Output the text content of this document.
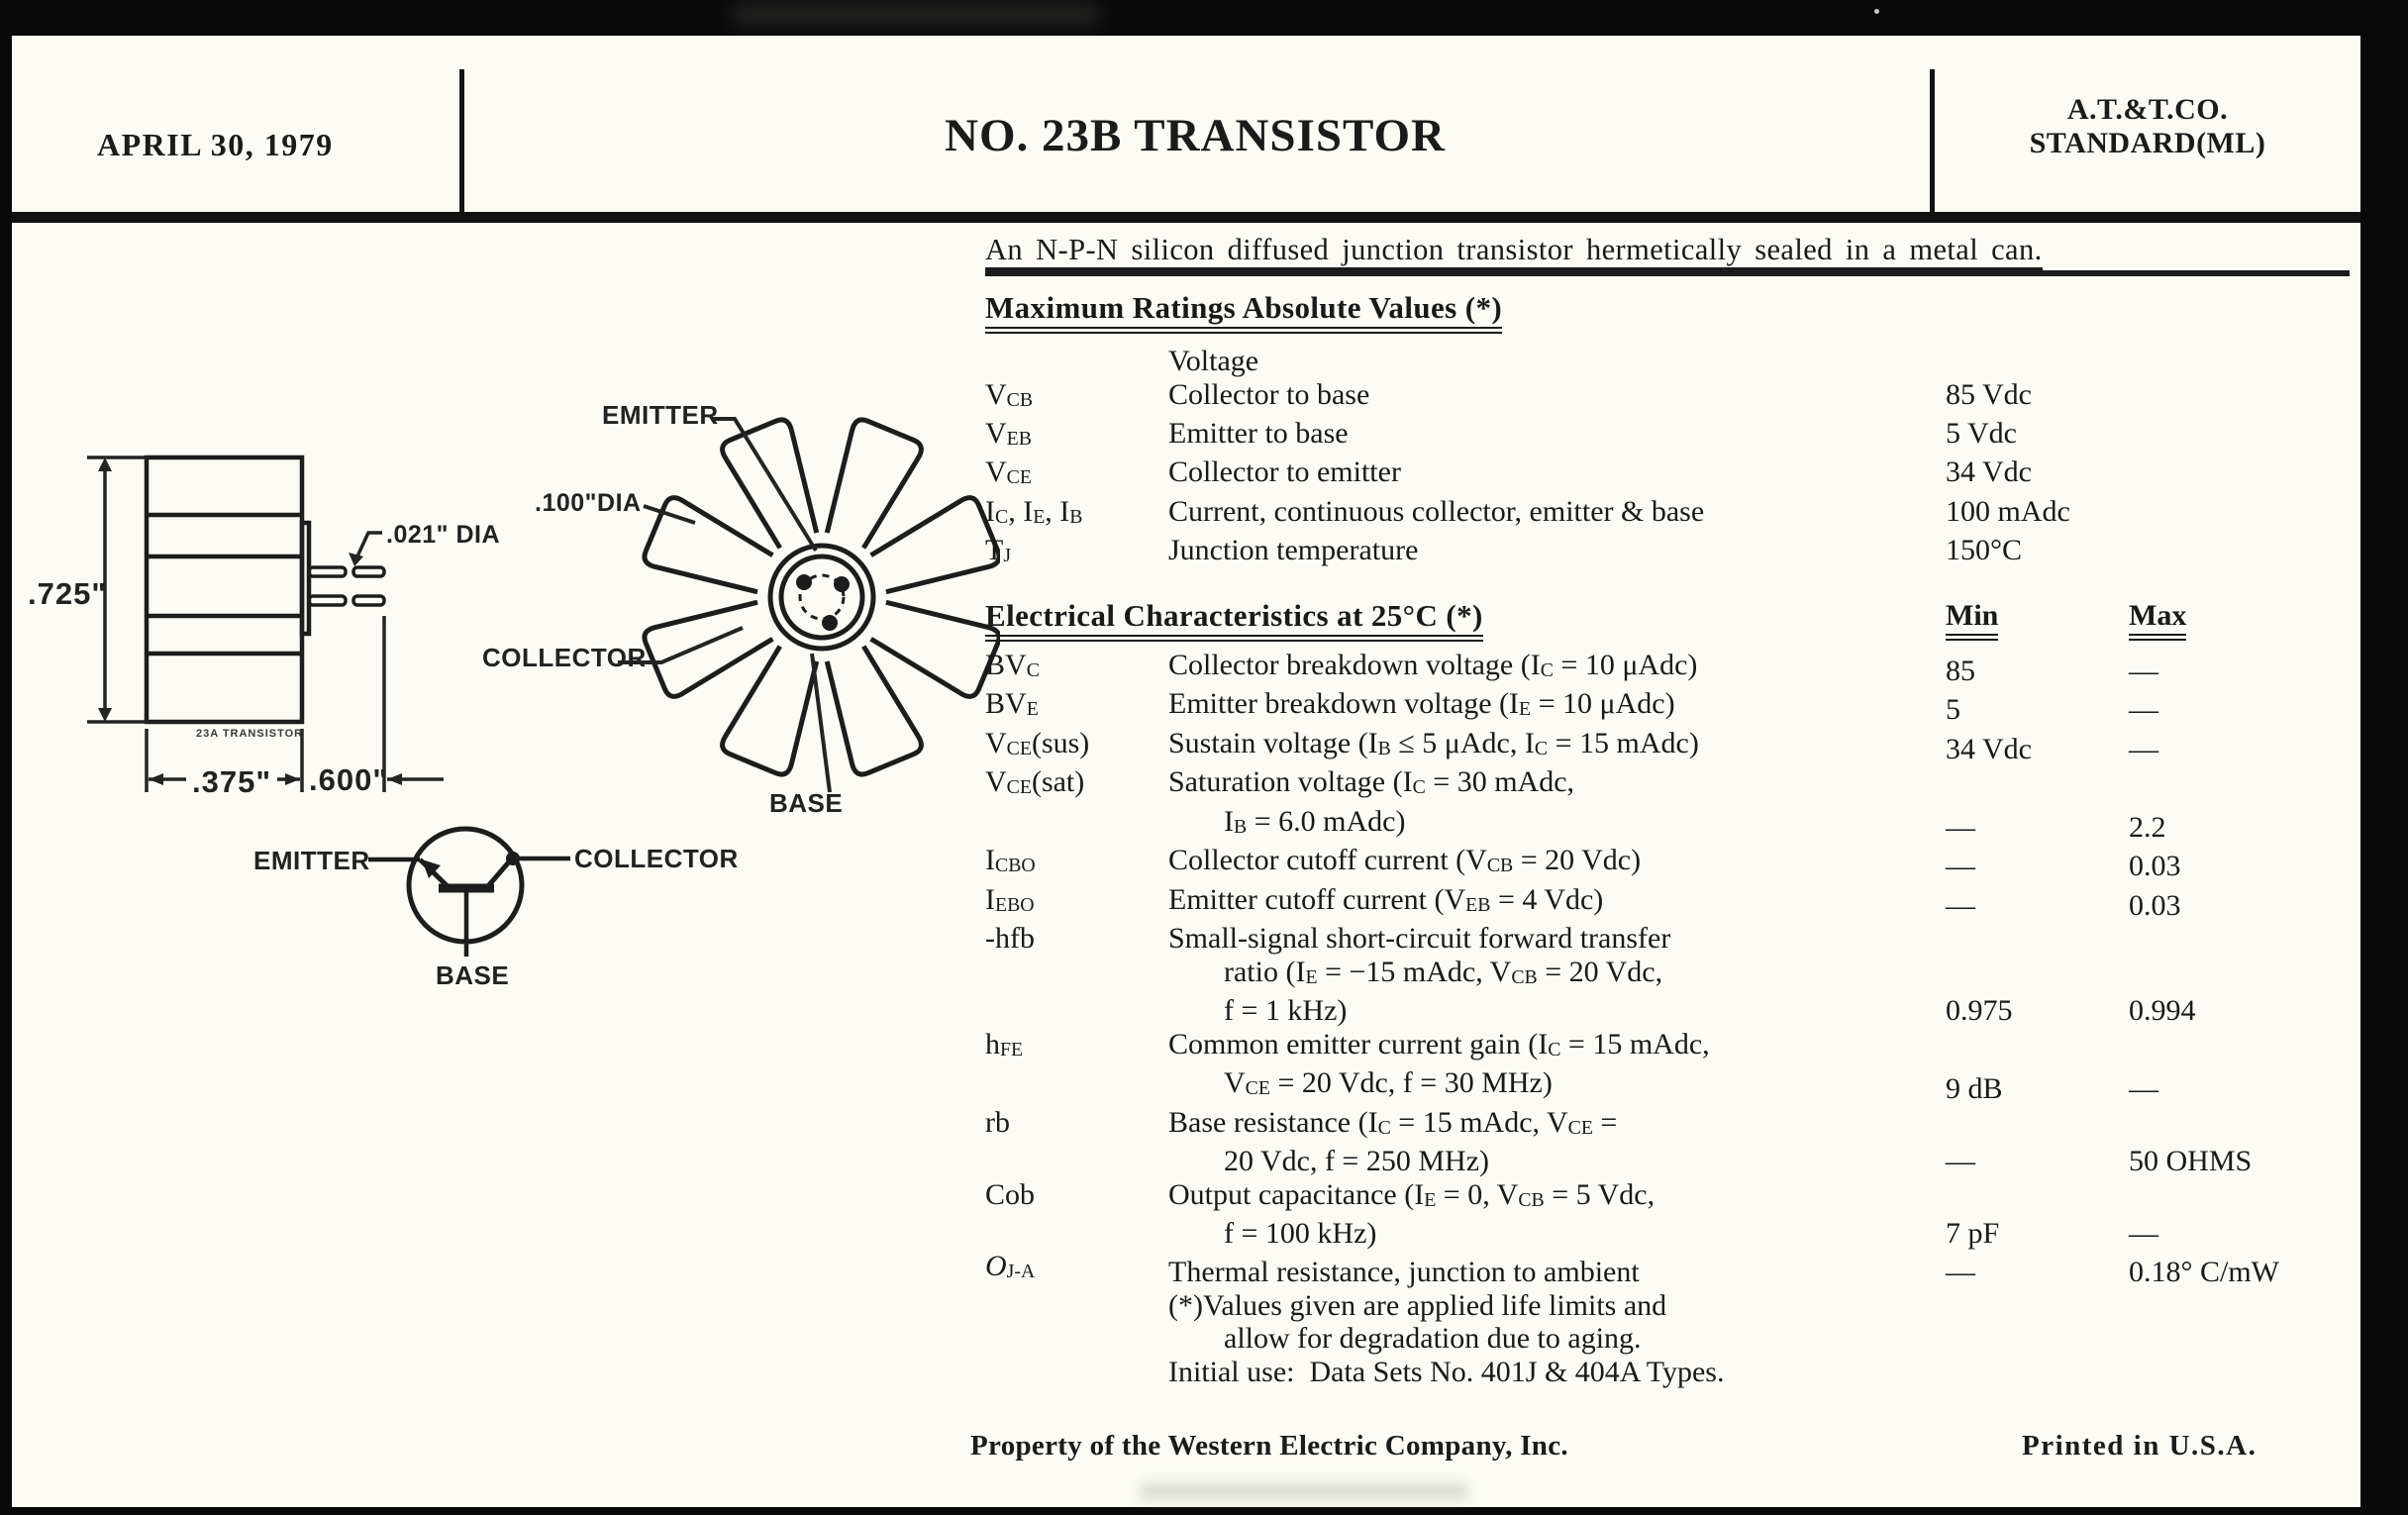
APRIL 30, 1979	NO. 23B TRANSISTOR
A.T.&T.CO.
STANDARD(ML)
EMITTER
.100"DIA
COLLECTOR
BASE
EMITTER	COLLECTOR
BASE
.725"
.021" DIA
.375" .600"
23A TRANSISTOR

An N-P-N silicon diffused junction transistor hermetically sealed in a metal can.

Maximum Ratings Absolute Values (*)
Voltage
$V_{CB}$	Collector to base	85 Vdc
$V_{EB}$	Emitter to base	5 Vdc
$V_{CE}$	Collector to emitter	34 Vdc
$I_C$, $I_E$, $I_B$	Current, continuous collector, emitter & base	100 mAdc
$T_J$	Junction temperature	150°C
Electrical Characteristics at 25°C (*)	Min	Max
$BV_C$	Collector breakdown voltage ($I_C = 10$ μAdc)	85	—
$BV_E$	Emitter breakdown voltage ($I_E = 10$ μAdc)	5	—
$V_{CE}(sus)$	Sustain voltage ($I_B \le 5$ μAdc, $I_C = 15$ mAdc)	34 Vdc	—
$V_{CE}(sat)$	Saturation voltage ($I_C = 30$ mAdc,
$I_B = 6.0$ mAdc)	—	2.2
$I_{CBO}$	Collector cutoff current ($V_{CB} = 20$ Vdc)	—	0.03
$I_{EBO}$	Emitter cutoff current ($V_{EB} = 4$ Vdc)	—	0.03
-hfb	Small-signal short-circuit forward transfer
ratio ($I_E = -15$ mAdc, $V_{CB} = 20$ Vdc,
f = 1 kHz)	0.975	0.994
$h_{FE}$	Common emitter current gain ($I_C = 15$ mAdc,
$V_{CE} = 20$ Vdc, f = 30 MHz)	9 dB	—
rb	Base resistance ($I_C = 15$ mAdc, $V_{CE}$ =
20 Vdc, f = 250 MHz)	—	50 OHMS
Cob	Output capacitance ($I_E = 0$, $V_{CB} = 5$ Vdc,
f = 100 kHz)	7 pF	—
$O_{J-A}$	Thermal resistance, junction to ambient	—	0.18° C/mW
(*)Values given are applied life limits and
allow for degradation due to aging.
Initial use:  Data Sets No. 401J & 404A Types.
Property of the Western Electric Company, Inc.	Printed in U.S.A.
